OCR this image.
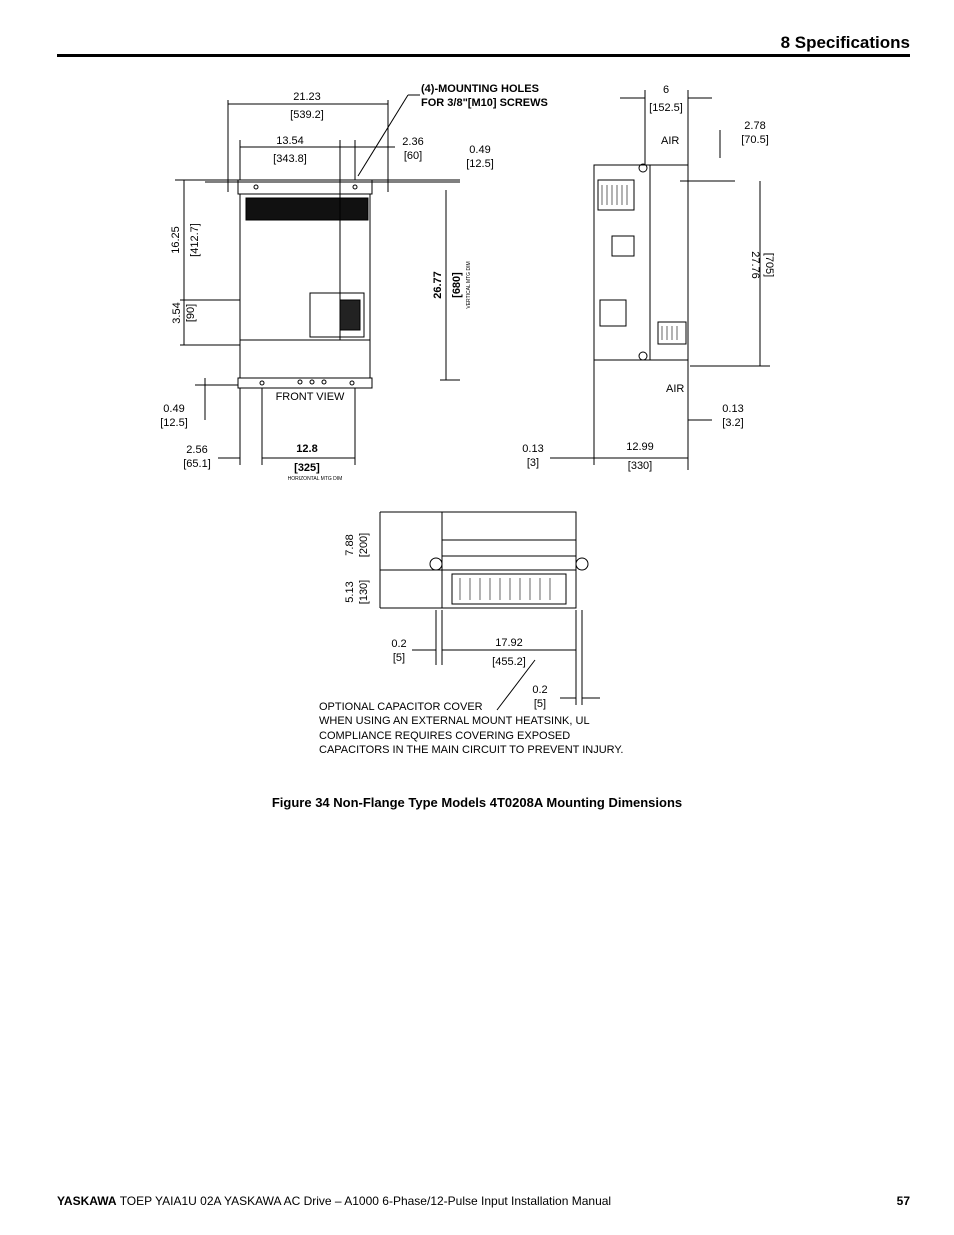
8 Specifications
21.23
[539.2]
(4)-MOUNTING HOLES
FOR 3/8"[M10] SCREWS
13.54
[343.8]
2.36
[60]	0.49
[12.5]
16.25 [412.7]
26.77 [680] VERTICAL MTG DIM
3.54 [90]
FRONT VIEW
0.49
[12.5]
2.56
[65.1]
12.8
[325]
HORIZONTAL MTG DIM
6
[152.5]
AIR
2.78
[70.5]
27.76 [705]
AIR
0.13
[3.2]
0.13
[3]
12.99
[330]
7.88 [200]
5.13 [130]
0.2
[5]
17.92
[455.2]
0.2
[5]
OPTIONAL CAPACITOR COVER
WHEN USING AN EXTERNAL MOUNT HEATSINK, UL
COMPLIANCE REQUIRES COVERING EXPOSED
CAPACITORS IN THE MAIN CIRCUIT TO PREVENT INJURY.
Figure 34 Non-Flange Type Models 4T0208A Mounting Dimensions
YASKAWA TOEP YAIA1U 02A YASKAWA AC Drive – A1000 6-Phase/12-Pulse Input Installation Manual	57
